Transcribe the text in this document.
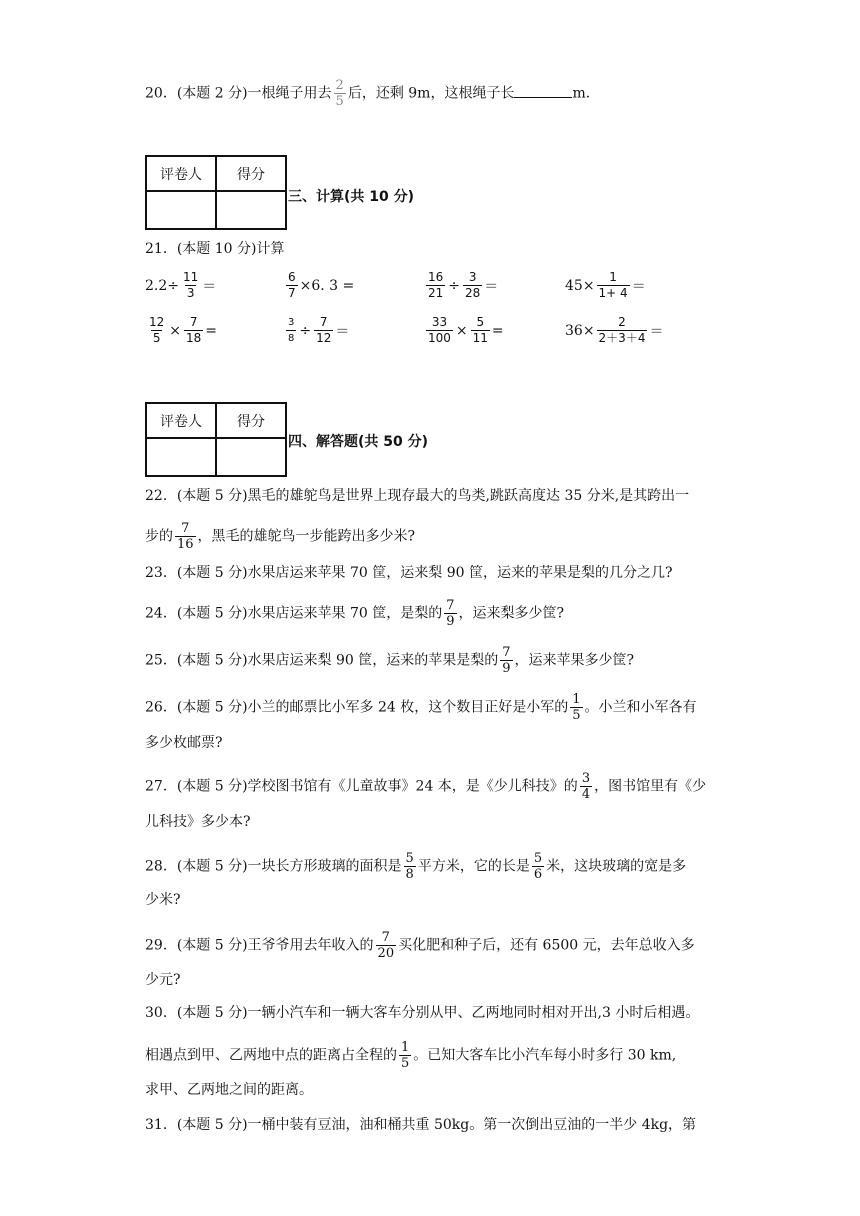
20．(本题 2 分)一根绳子用去 $\frac{2}{5}$ 后，还剩 9m，这根绳子长	m．
评卷人	得分

三、计算(共 10 分)
21．(本题 10 分)计算
$2.2\div \frac{11}{3}$ ＝	$\frac{6}{7} \times 6$. 3 =	$\frac{16}{21} \div \frac{3}{28}$ ＝	$45\times \frac{1}{1+ 4}$ ＝
$\frac{12}{5} \times \frac{7}{18}$ =	$\frac{3}{8} \div \frac{7}{12}$ ＝	$\frac{33}{100} \times \frac{5}{11}$ =	$36\times \frac{2}{2+3+4}$ ＝
评卷人	得分

四、解答题(共 50 分)
22．(本题 5 分)黑毛的雄鸵鸟是世界上现存最大的鸟类,跳跃高度达 35 分米,是其跨出一
步的 $\frac{7}{16}$ ，黑毛的雄鸵鸟一步能跨出多少米?
23．(本题 5 分)水果店运来苹果 70 筐，运来梨 90 筐，运来的苹果是梨的几分之几?
24．(本题 5 分)水果店运来苹果 70 筐，是梨的 $\frac{7}{9}$ ，运来梨多少筐?
25．(本题 5 分)水果店运来梨 90 筐，运来的苹果是梨的 $\frac{7}{9}$ ，运来苹果多少筐?
26．(本题 5 分)小兰的邮票比小军多 24 枚，这个数目正好是小军的 $\frac{1}{5}$ 。小兰和小军各有
多少枚邮票?
27．(本题 5 分)学校图书馆有《儿童故事》24 本，是《少儿科技》的 $\frac{3}{4}$ ，图书馆里有《少
儿科技》多少本?
28．(本题 5 分)一块长方形玻璃的面积是 $\frac{5}{8}$ 平方米，它的长是 $\frac{5}{6}$ 米，这块玻璃的宽是多
少米?
29．(本题 5 分)王爷爷用去年收入的 $\frac{7}{20}$ 买化肥和种子后，还有 6500 元，去年总收入多
少元?
30．(本题 5 分)一辆小汽车和一辆大客车分别从甲、乙两地同时相对开出,3 小时后相遇。
相遇点到甲、乙两地中点的距离占全程的 $\frac{1}{5}$ 。已知大客车比小汽车每小时多行 30 km,
求甲、乙两地之间的距离。
31．(本题 5 分)一桶中装有豆油，油和桶共重 50kg。第一次倒出豆油的一半少 4kg，第
